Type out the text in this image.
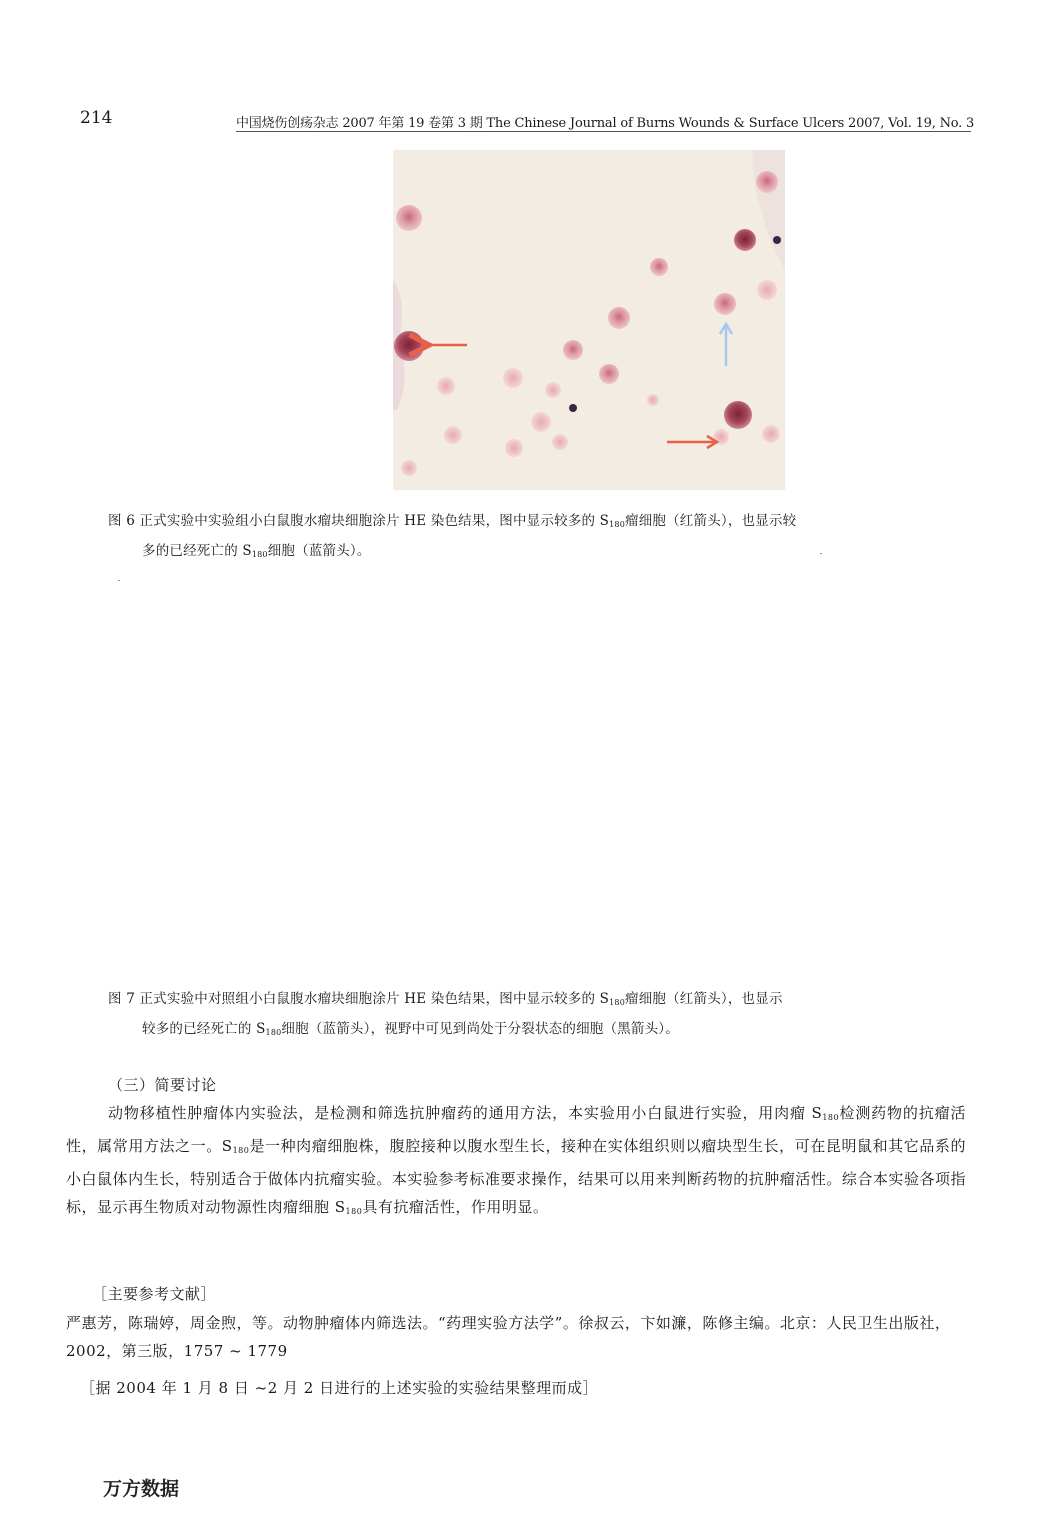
214	中国烧伤创疡杂志 2007 年第 19 卷第 3 期 The Chinese Journal of Burns Wounds & Surface Ulcers 2007, Vol. 19, No. 3
图 6 正式实验中实验组小白鼠腹水瘤块细胞涂片 HE 染色结果，图中显示较多的 $S_{180}$瘤细胞（红箭头），也显示较
多的已经死亡的 $S_{180}$细胞（蓝箭头）。
图 7 正式实验中对照组小白鼠腹水瘤块细胞涂片 HE 染色结果，图中显示较多的 $S_{180}$瘤细胞（红箭头），也显示
较多的已经死亡的 $S_{180}$细胞（蓝箭头），视野中可见到尚处于分裂状态的细胞（黑箭头）。
（三）简要讨论
动物移植性肿瘤体内实验法，是检测和筛选抗肿瘤药的通用方法，本实验用小白鼠进行实验，用肉瘤 $S_{180}$检测药物的抗瘤活性，属常用方法之一。$S_{180}$是一种肉瘤细胞株，腹腔接种以腹水型生长，接种在实体组织则以瘤块型生长，可在昆明鼠和其它品系的小白鼠体内生长，特别适合于做体内抗瘤实验。本实验参考标准要求操作，结果可以用来判断药物的抗肿瘤活性。综合本实验各项指标，显示再生物质对动物源性肉瘤细胞 $S_{180}$具有抗瘤活性，作用明显。
［主要参考文献］
严惠芳，陈瑞婷，周金煦，等。动物肿瘤体内筛选法。“药理实验方法学”。徐叔云，卞如濂，陈修主编。北京：人民卫生出版社，2002，第三版，1757 ~ 1779
［据 2004 年 1 月 8 日 ~2 月 2 日进行的上述实验的实验结果整理而成］
万方数据
